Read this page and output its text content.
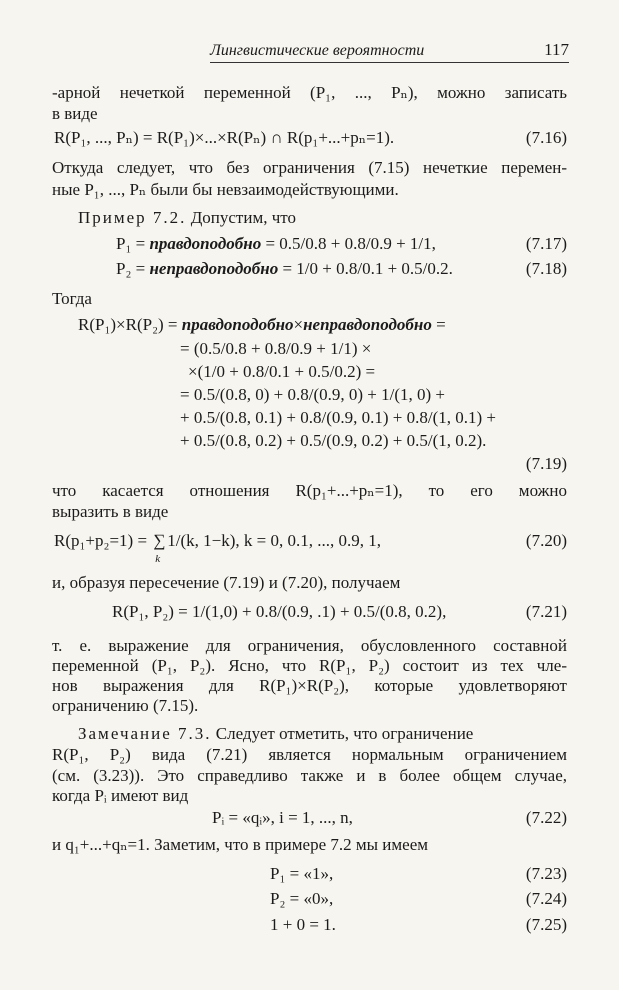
Лингвистические вероятности	117
-арной нечеткой переменной (P₁, ..., Pₙ), можно записать
в виде
R(P₁, ..., Pₙ) = R(P₁)×...×R(Pₙ) ∩ R(p₁+...+pₙ=1).	(7.16)
Откуда следует, что без ограничения (7.15) нечеткие перемен-
ные P₁, ..., Pₙ были бы невзаимодействующими.
Пример 7.2. Допустим, что
P₁ = правдоподобно = 0.5/0.8 + 0.8/0.9 + 1/1,	(7.17)
P₂ = неправдоподобно = 1/0 + 0.8/0.1 + 0.5/0.2.	(7.18)
Тогда
R(P₁)×R(P₂) = правдоподобно×неправдоподобно =
= (0.5/0.8 + 0.8/0.9 + 1/1) ×
×(1/0 + 0.8/0.1 + 0.5/0.2) =
= 0.5/(0.8, 0) + 0.8/(0.9, 0) + 1/(1, 0) +
+ 0.5/(0.8, 0.1) + 0.8/(0.9, 0.1) + 0.8/(1, 0.1) +
+ 0.5/(0.8, 0.2) + 0.5/(0.9, 0.2) + 0.5/(1, 0.2).
(7.19)
что касается отношения R(p₁+...+pₙ=1), то его можно
выразить в виде
R(p₁+p₂=1) = ∑
k
1/(k, 1−k), k = 0, 0.1, ..., 0.9, 1,	(7.20)
и, образуя пересечение (7.19) и (7.20), получаем
R(P₁, P₂) = 1/(1,0) + 0.8/(0.9, .1) + 0.5/(0.8, 0.2),	(7.21)
т. е. выражение для ограничения, обусловленного составной
переменной (P₁, P₂). Ясно, что R(P₁, P₂) состоит из тех чле-
нов выражения для R(P₁)×R(P₂), которые удовлетворяют
ограничению (7.15).
Замечание 7.3. Следует отметить, что ограничение
R(P₁, P₂) вида (7.21) является нормальным ограничением
(см. (3.23)). Это справедливо также и в более общем случае,
когда Pᵢ имеют вид
Pᵢ = «qᵢ», i = 1, ..., n,	(7.22)
и q₁+...+qₙ=1. Заметим, что в примере 7.2 мы имеем
P₁ = «1»,	(7.23)
P₂ = «0»,	(7.24)
1 + 0 = 1.	(7.25)
